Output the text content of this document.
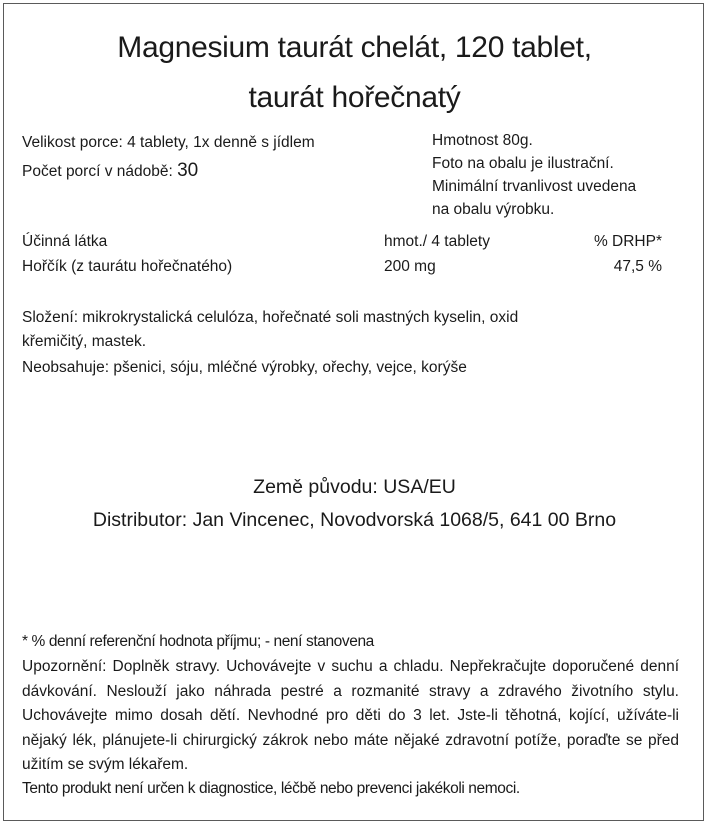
Magnesium taurát chelát, 120 tablet,
taurát hořečnatý
Velikost porce: 4 tablety, 1x denně s jídlem
Počet porcí v nádobě: 30
Hmotnost 80g.
Foto na obalu je ilustrační.
Minimální trvanlivost uvedena
na obalu výrobku.
Účinná látka	hmot./ 4 tablety	% DRHP*
Hořčík (z taurátu hořečnatého)	200 mg	47,5 %
Složení: mikrokrystalická celulóza, hořečnaté soli mastných kyselin, oxid
křemičitý, mastek.
Neobsahuje: pšenici, sóju, mléčné výrobky, ořechy, vejce, korýše
Země původu: USA/EU
Distributor: Jan Vincenec, Novodvorská 1068/5, 641 00 Brno
* % denní referenční hodnota příjmu; - není stanovena
Upozornění: Doplněk stravy. Uchovávejte v suchu a chladu. Nepřekračujte doporučené denní dávkování. Neslouží jako náhrada pestré a rozmanité stravy a zdravého životního stylu. Uchovávejte mimo dosah dětí. Nevhodné pro děti do 3 let. Jste-li těhotná, kojící, užíváte-li nějaký lék, plánujete-li chirurgický zákrok nebo máte nějaké zdravotní potíže, poraďte se před užitím se svým lékařem.
Tento produkt není určen k diagnostice, léčbě nebo prevenci jakékoli nemoci.
